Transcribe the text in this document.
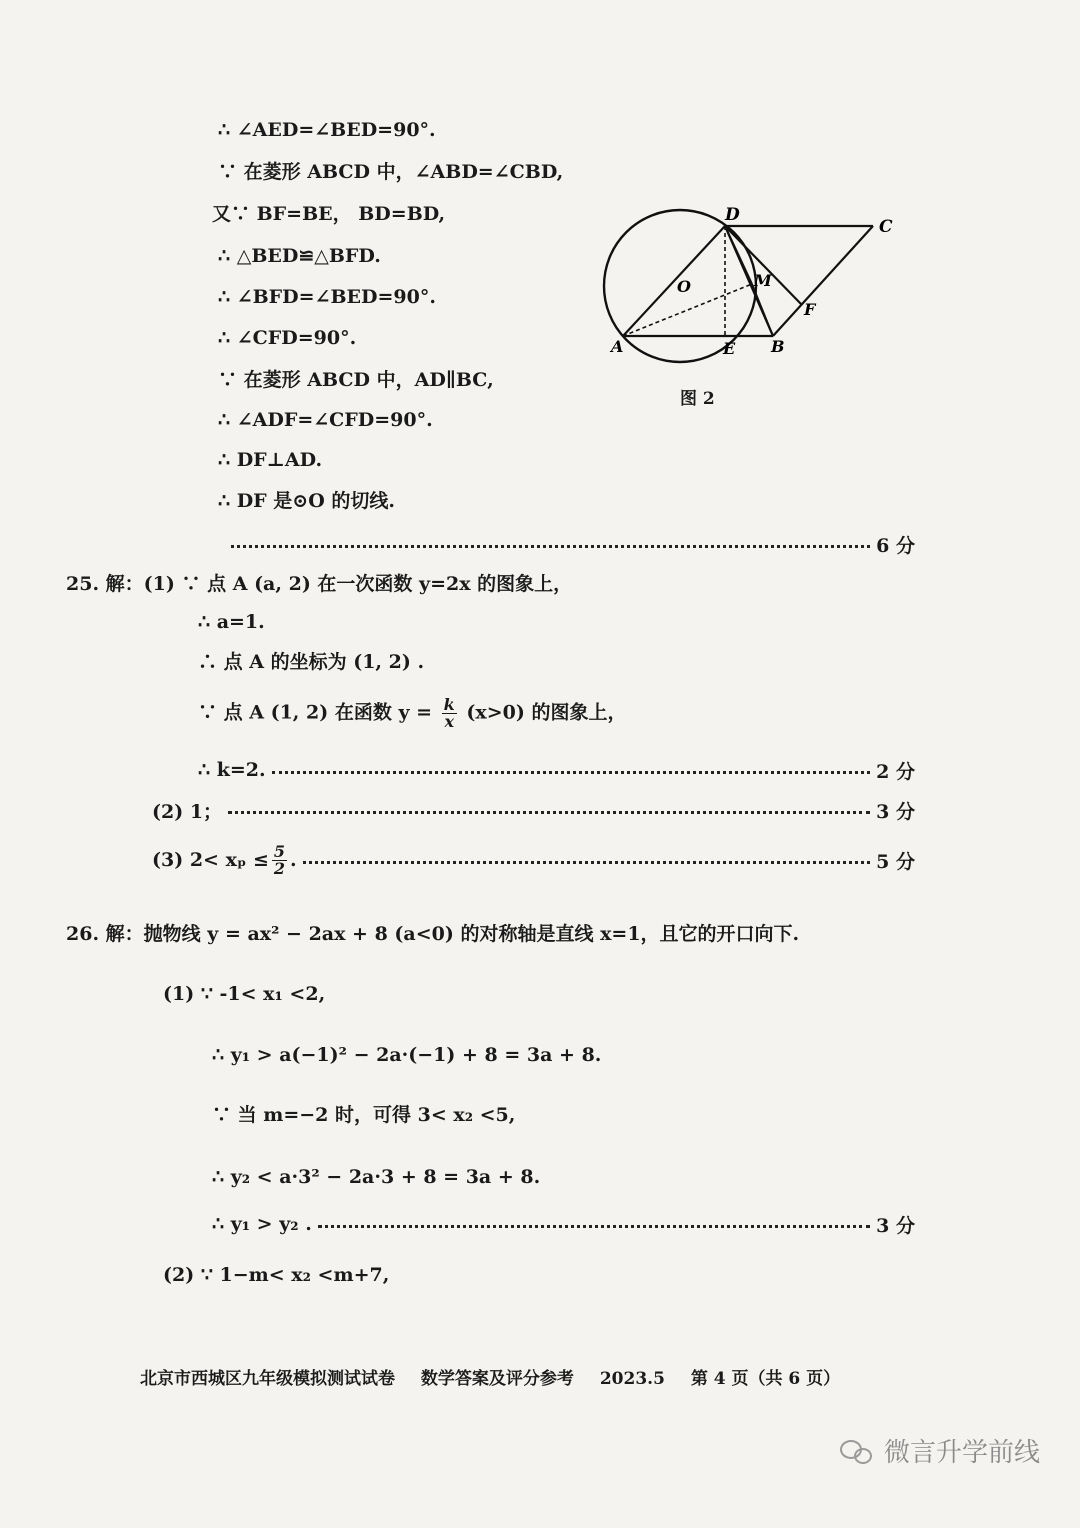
∴ ∠AED=∠BED=90°.
∵ 在菱形 ABCD 中，∠ABD=∠CBD,
又∵ BF=BE， BD=BD,
∴ △BED≌△BFD.
∴ ∠BFD=∠BED=90°.
∴ ∠CFD=90°.
∵ 在菱形 ABCD 中，AD∥BC,
∴ ∠ADF=∠CFD=90°.
∴ DF⊥AD.
∴ DF 是⊙O 的切线.
6 分
D
C
O	M
F
A	E B
图 2
25. 解：(1) ∵ 点 A (a, 2) 在一次函数 y=2x 的图象上，
∴ a=1.
∴ 点 A 的坐标为 (1, 2) .
∵ 点 A (1, 2) 在函数 $y = \frac{k}{x} (x>0)$ 的图象上，
∴ k=2.	2 分
(2) 1；	3 分
(3) $2< x_p \le \frac{5}{2}$ .	5 分
26. 解：抛物线 y = ax² − 2ax + 8 (a<0) 的对称轴是直线 x=1，且它的开口向下.
(1) ∵ -1< x₁ <2,
∴ y₁ > a(−1)² − 2a·(−1) + 8 = 3a + 8.
∵ 当 m=−2 时，可得 3< x₂ <5,
∴ y₂ < a·3² − 2a·3 + 8 = 3a + 8.
∴ y₁ > y₂ .	3 分
(2) ∵ 1−m< x₂ <m+7,
北京市西城区九年级模拟测试试卷 数学答案及评分参考 2023.5 第 4 页（共 6 页）
微言升学前线
